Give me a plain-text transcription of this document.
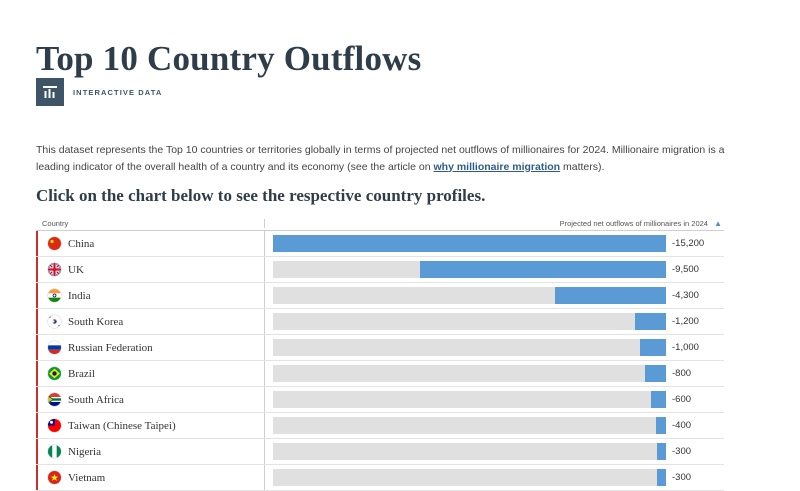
Top 10 Country Outflows
INTERACTIVE DATA

This dataset represents the Top 10 countries or territories globally in terms of projected net outflows of millionaires for 2024. Millionaire migration is a leading indicator of the overall health of a country and its economy (see the article on why millionaire migration matters).

Click on the chart below to see the respective country profiles.
Country	Projected net outflows of millionaires in 2024 ▲
China	-15,200
UK	-9,500
India	-4,300
South Korea	-1,200
Russian Federation	-1,000
Brazil	-800
South Africa	-600
Taiwan (Chinese Taipei)	-400
Nigeria	-300
Vietnam	-300
